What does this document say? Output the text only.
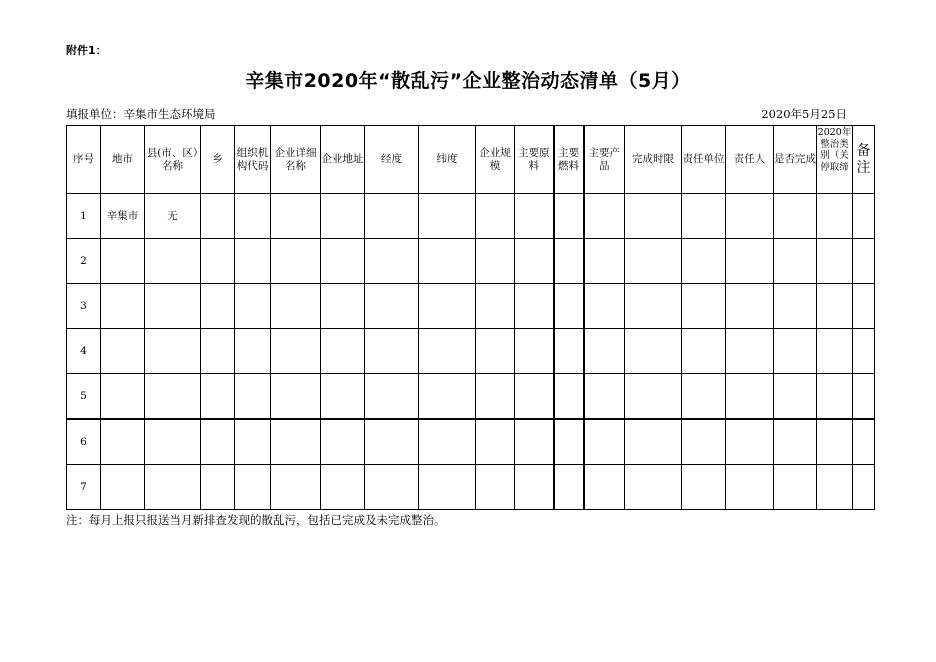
附件1：
辛集市2020年“散乱污”企业整治动态清单（5月）
填报单位：辛集市生态环境局	2020年5月25日
序号	地市	县(市、区）名称	乡	组织机构代码	企业详细名称	企业地址	经度	纬度	企业规模	主要原料	主要燃料	主要产品	完成时限	责任单位	责任人	是否完成	2020年整治类别（关停取缔	备注
1	辛集市	无																
2																		
3																		
4																		
5																		
6																		
7																		
注：每月上报只报送当月新排查发现的散乱污，包括已完成及未完成整治。
